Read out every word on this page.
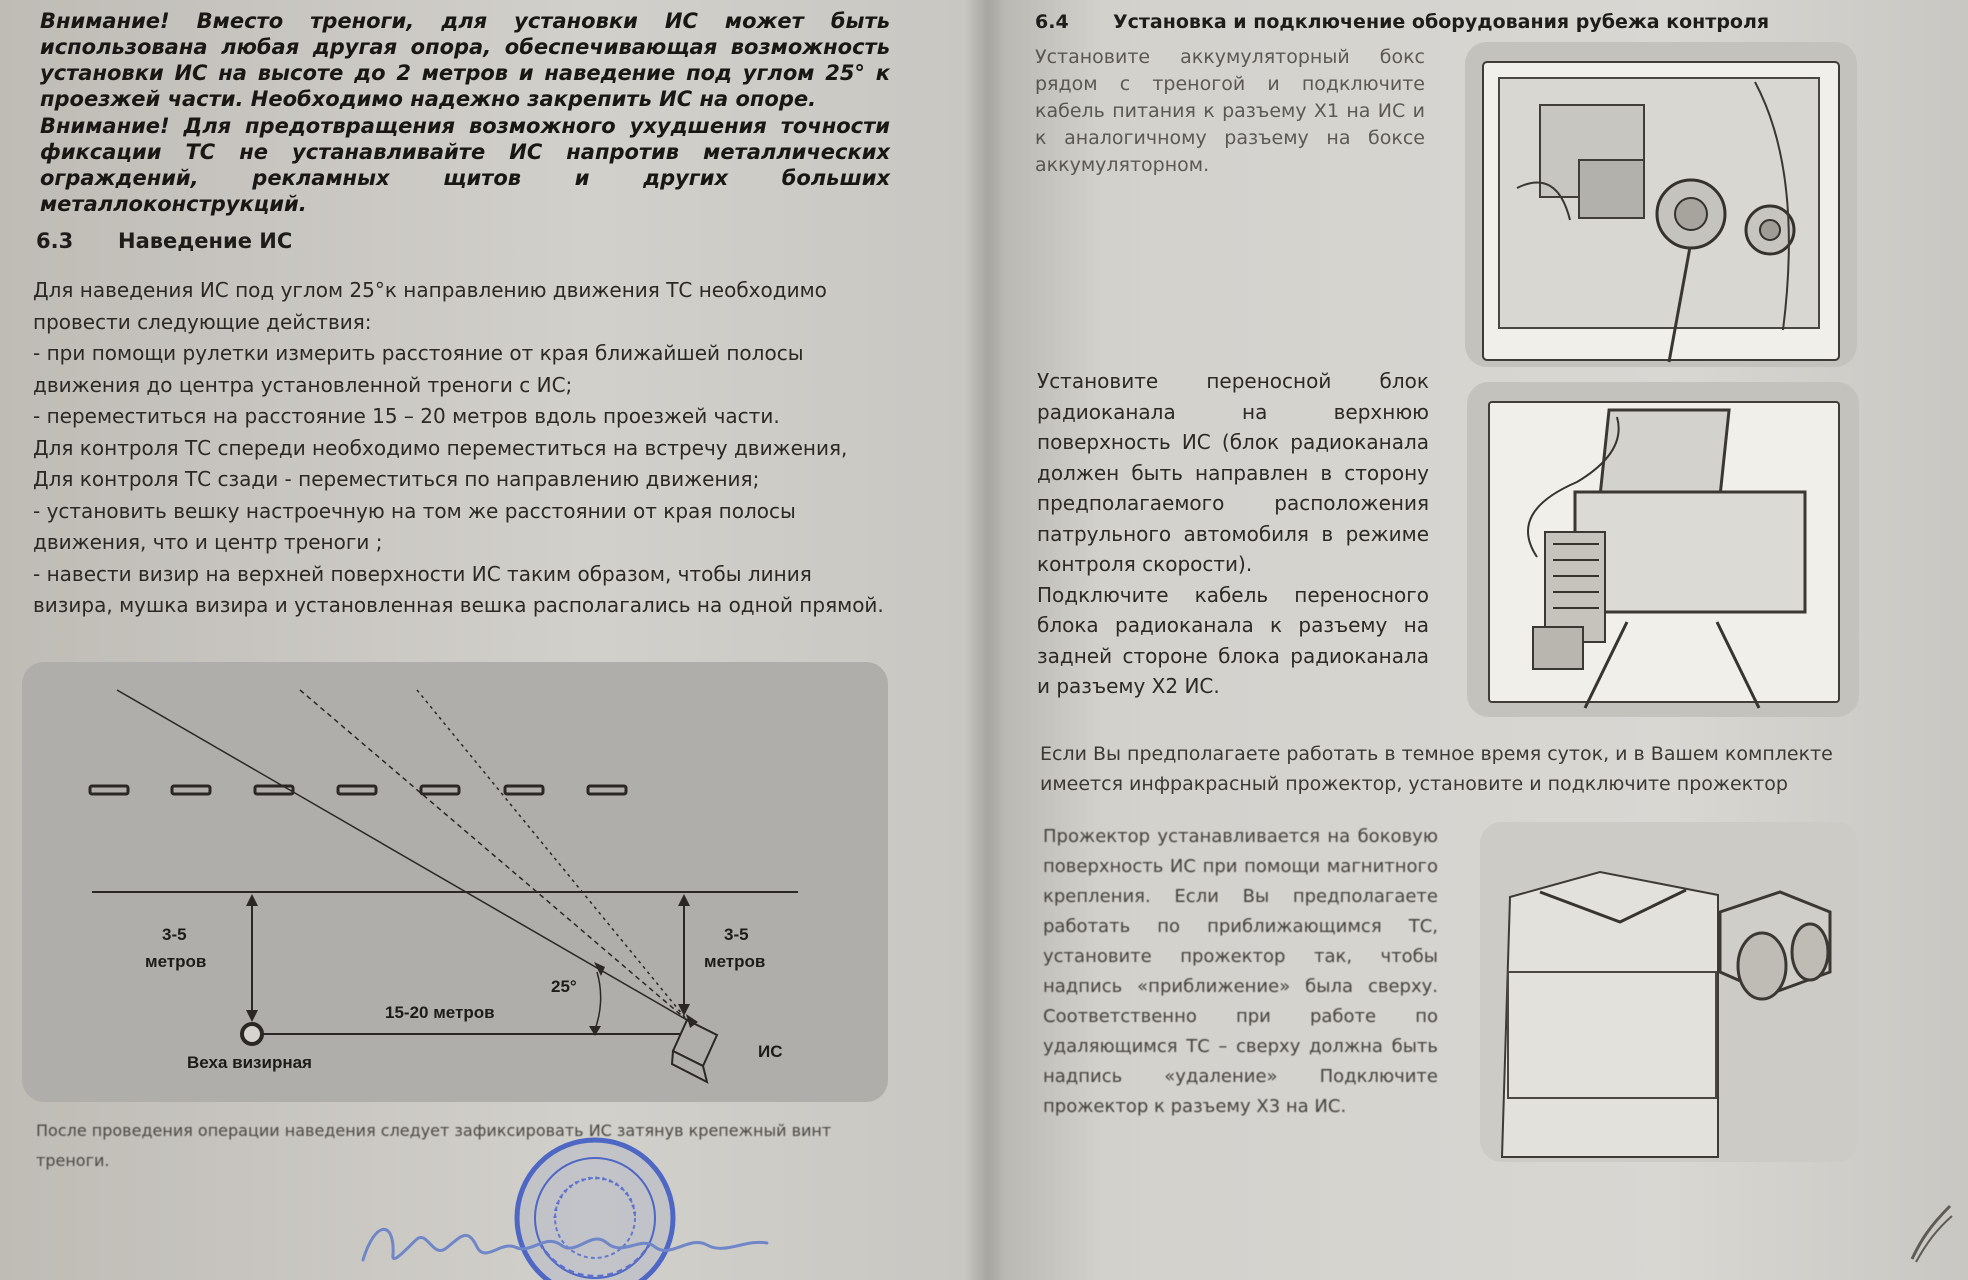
Внимание! Вместо треноги, для установки ИС может быть использована любая другая опора, обеспечивающая возможность установки ИС на высоте до 2 метров и наведение под углом 25° к проезжей части. Необходимо надежно закрепить ИС на опоре.
Внимание! Для предотвращения возможного ухудшения точности фиксации ТС не устанавливайте ИС напротив металлических ограждений, рекламных щитов и других больших металлоконструкций.
6.3 Наведение ИС

Для наведения ИС под углом 25°к направлению движения ТС необходимо провести следующие действия:

- при помощи рулетки измерить расстояние от края ближайшей полосы движения до центра установленной треноги с ИС;

- переместиться на расстояние 15 – 20 метров вдоль проезжей части.

Для контроля ТС спереди необходимо переместиться на встречу движения,

Для контроля ТС сзади - переместиться по направлению движения;

- установить вешку настроечную на том же расстоянии от края полосы движения, что и центр треноги ;

- навести визир на верхней поверхности ИС таким образом, чтобы линия визира, мушка визира и установленная вешка располагались на одной прямой.

3-5
метров
3-5
метров
25°
15-20 метров
Веха визирная
ИС
После проведения операции наведения следует зафиксировать ИС затянув крепежный винт треноги.
6.4 Установка и подключение оборудования рубежа контроля
Установите аккумуляторный бокс рядом с треногой и подключите кабель питания к разъему X1 на ИС и к аналогичному разъему на боксе аккумуляторном.
Установите переносной блок радиоканала на верхнюю поверхность ИС (блок радиоканала должен быть направлен в сторону предполагаемого расположения патрульного автомобиля в режиме контроля скорости).
Подключите кабель переносного блока радиоканала к разъему на задней стороне блока радиоканала и разъему X2 ИС.
Если Вы предполагаете работать в темное время суток, и в Вашем комплекте имеется инфракрасный прожектор, установите и подключите прожектор
Прожектор устанавливается на боковую поверхность ИС при помощи магнитного крепления. Если Вы предполагаете работать по приближающимся ТС, установите прожектор так, чтобы надпись «приближение» была сверху. Соответственно при работе по удаляющимся ТС – сверху должна быть надпись «удаление» Подключите прожектор к разъему X3 на ИС.
